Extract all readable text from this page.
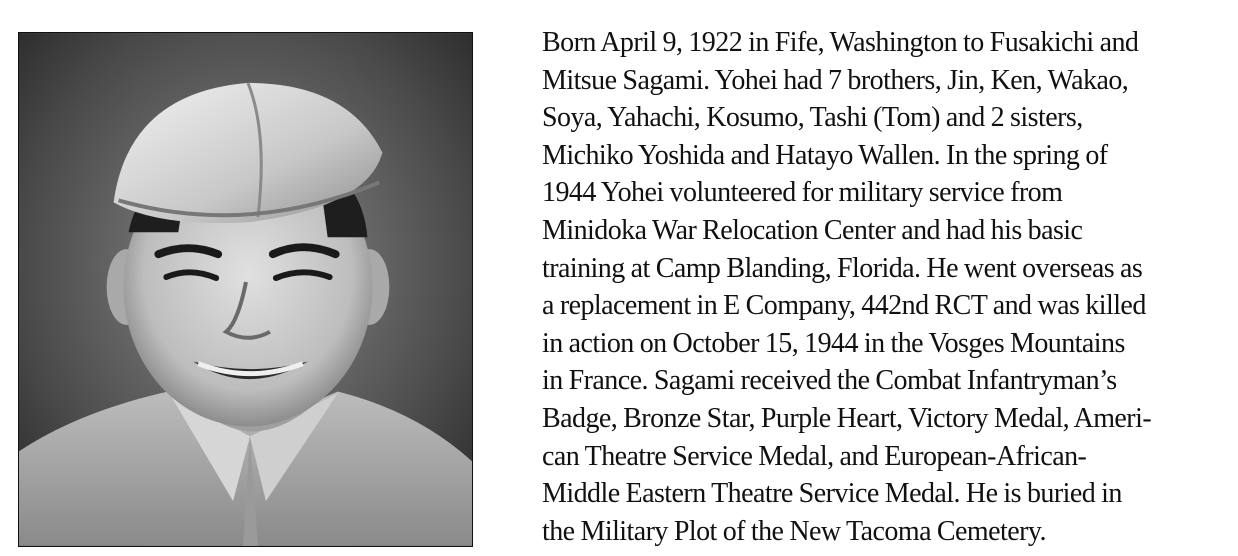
Born April 9, 1922 in Fife, Washington to Fusakichi and
Mitsue Sagami. Yohei had 7 brothers, Jin, Ken, Wakao,
Soya, Yahachi, Kosumo, Tashi (Tom) and 2 sisters,
Michiko Yoshida and Hatayo Wallen. In the spring of
1944 Yohei volunteered for military service from
Minidoka War Relocation Center and had his basic
training at Camp Blanding, Florida. He went overseas as
a replacement in E Company, 442nd RCT and was killed
in action on October 15, 1944 in the Vosges Mountains
in France. Sagami received the Combat Infantryman’s
Badge, Bronze Star, Purple Heart, Victory Medal, Ameri-
can Theatre Service Medal, and European-African-
Middle Eastern Theatre Service Medal. He is buried in
the Military Plot of the New Tacoma Cemetery.
